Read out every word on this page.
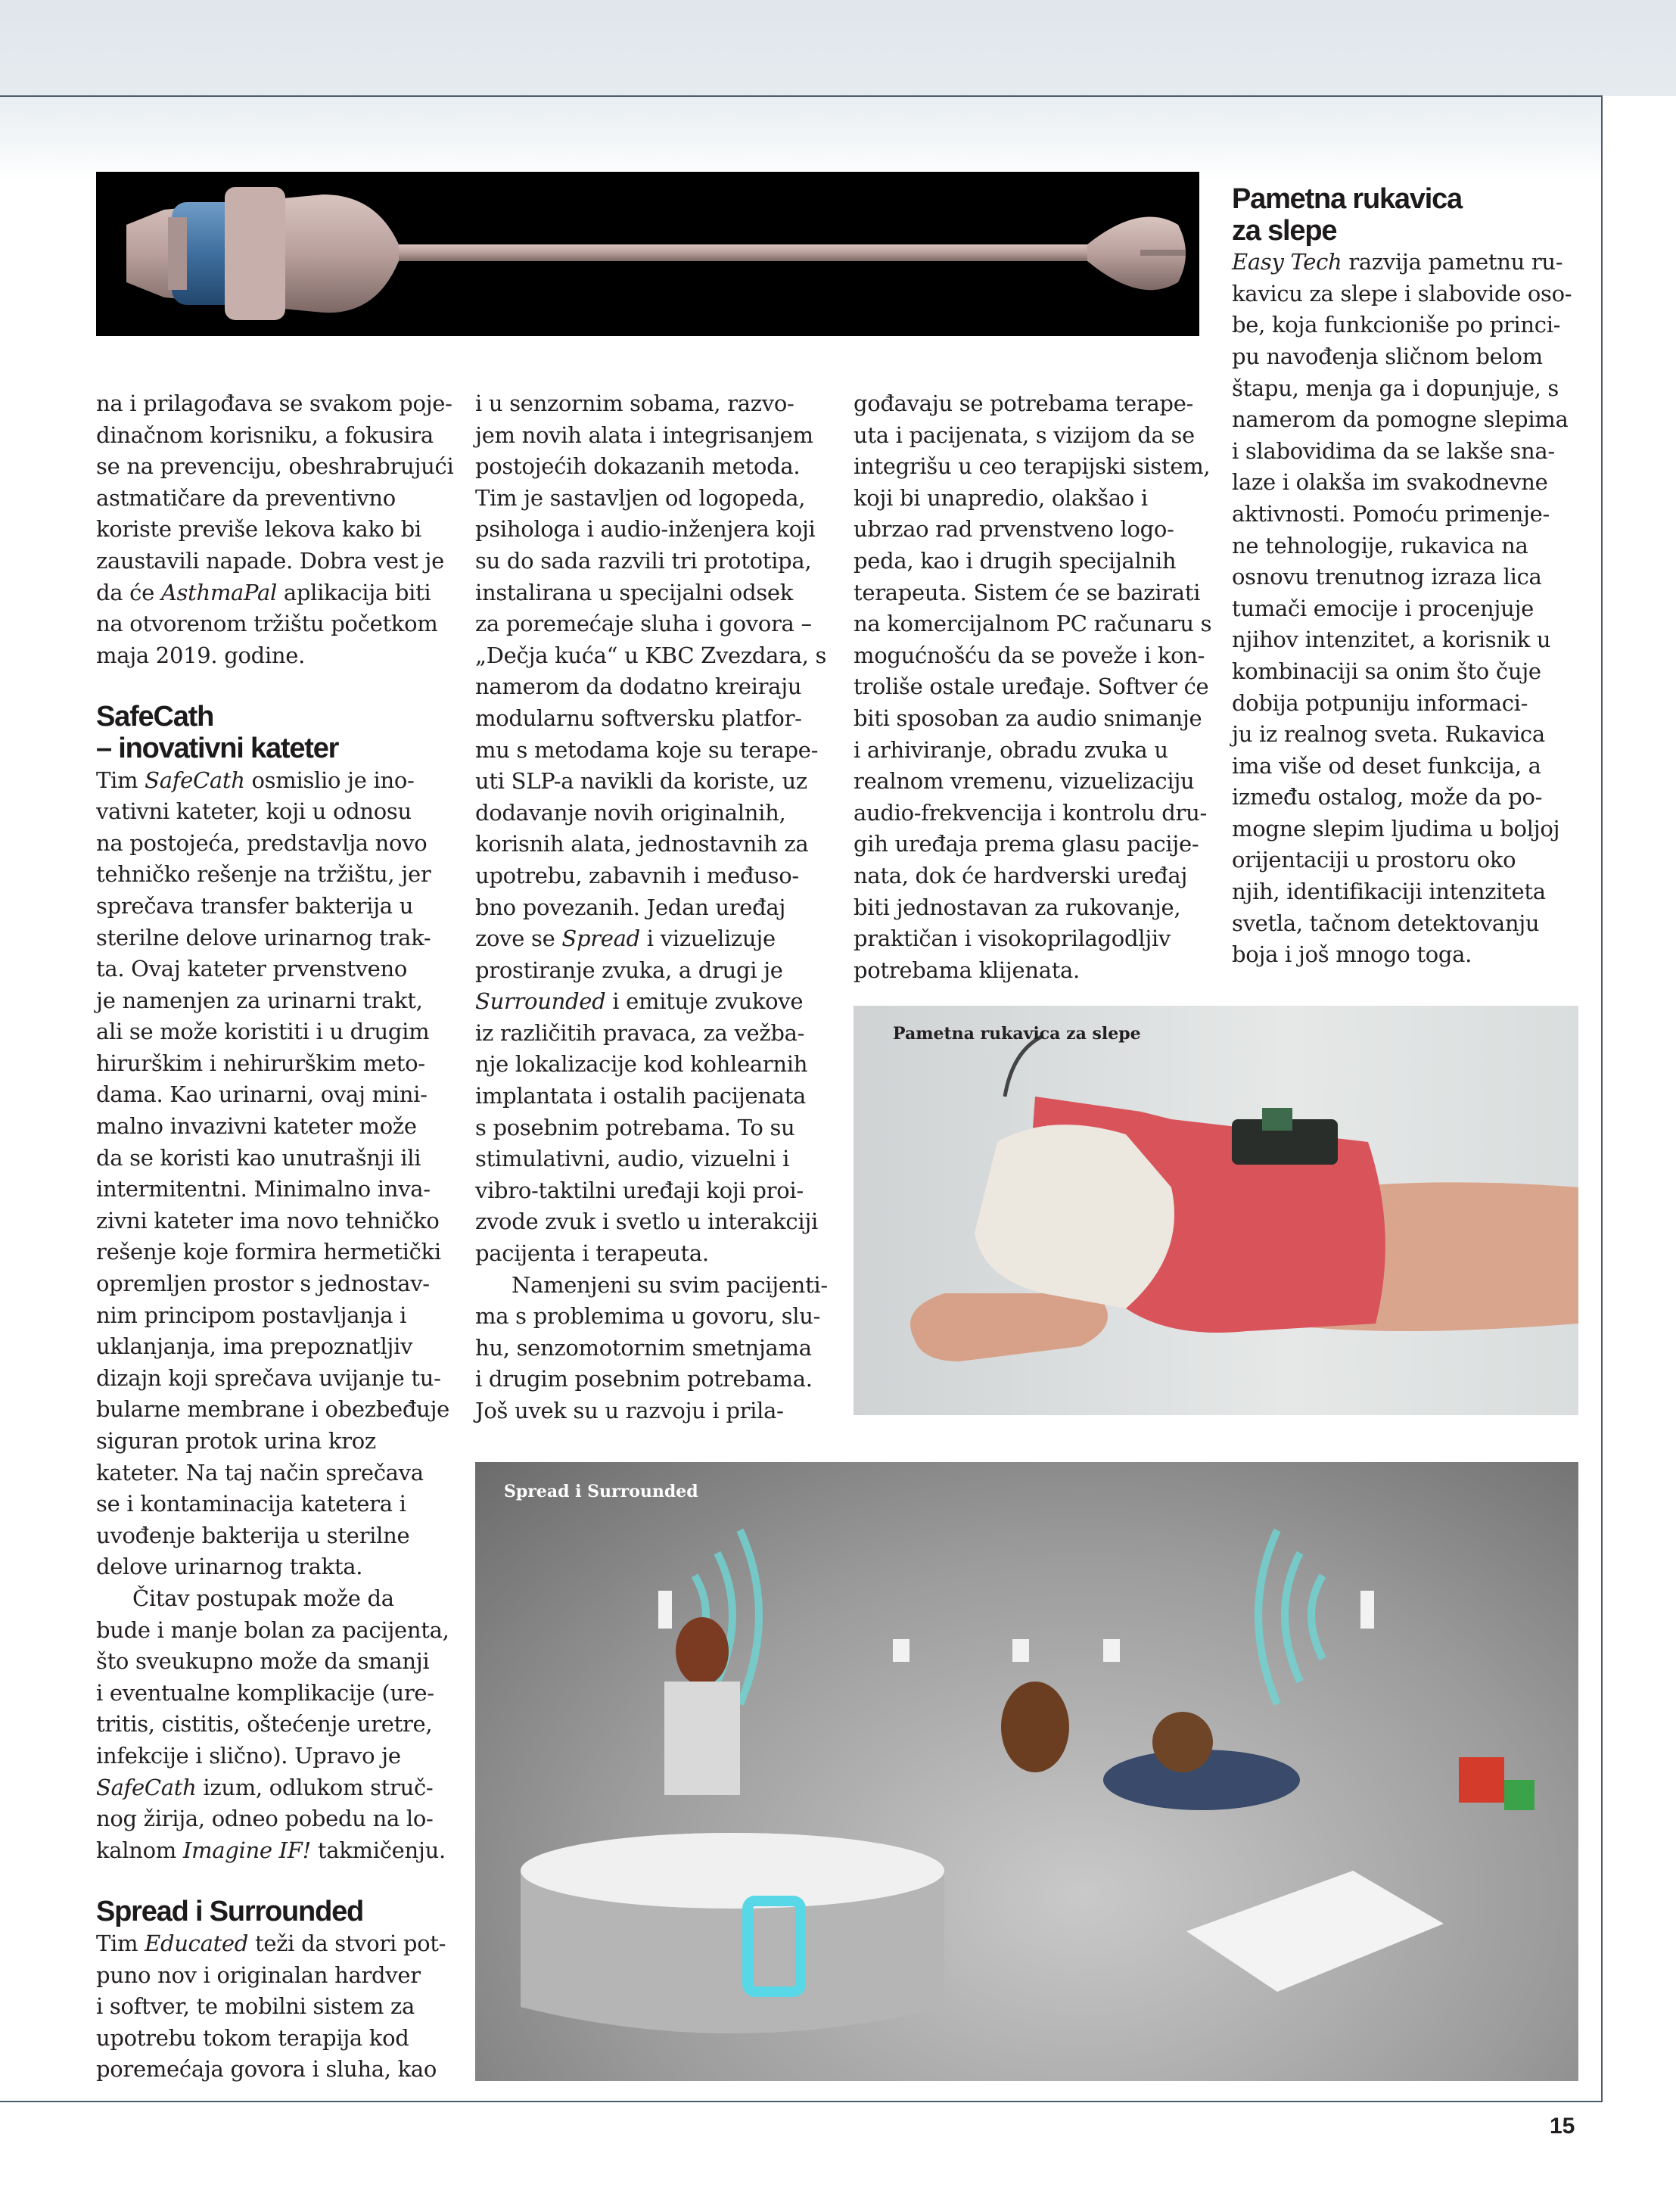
na i prilagođava se svakom poje-
dinačnom korisniku, a fokusira
se na prevenciju, obeshrabrujući
astmatičare da preventivno
koriste previše lekova kako bi
zaustavili napade. Dobra vest je
da će AsthmaPal aplikacija biti
na otvorenom tržištu početkom
maja 2019. godine.
SafeCath
– inovativni kateter
Tim SafeCath osmislio je ino-
vativni kateter, koji u odnosu
na postojeća, predstavlja novo
tehničko rešenje na tržištu, jer
sprečava transfer bakterija u
sterilne delove urinarnog trak-
ta. Ovaj kateter prvenstveno
je namenjen za urinarni trakt,
ali se može koristiti i u drugim
hirurškim i nehirurškim meto-
dama. Kao urinarni, ovaj mini-
malno invazivni kateter može
da se koristi kao unutrašnji ili
intermitentni. Minimalno inva-
zivni kateter ima novo tehničko
rešenje koje formira hermetički
opremljen prostor s jednostav-
nim principom postavljanja i
uklanjanja, ima prepoznatljiv
dizajn koji sprečava uvijanje tu-
bularne membrane i obezbeđuje
siguran protok urina kroz
kateter. Na taj način sprečava
se i kontaminacija katetera i
uvođenje bakterija u sterilne
delove urinarnog trakta.
Čitav postupak može da
bude i manje bolan za pacijenta,
što sveukupno može da smanji
i eventualne komplikacije (ure-
tritis, cistitis, oštećenje uretre,
infekcije i slično). Upravo je
SafeCath izum, odlukom struč-
nog žirija, odneo pobedu na lo-
kalnom Imagine IF! takmičenju.
Spread i Surrounded
Tim Educated teži da stvori pot-
puno nov i originalan hardver
i softver, te mobilni sistem za
upotrebu tokom terapija kod
poremećaja govora i sluha, kao
i u senzornim sobama, razvo-
jem novih alata i integrisanjem
postojećih dokazanih metoda.
Tim je sastavljen od logopeda,
psihologa i audio-inženjera koji
su do sada razvili tri prototipa,
instalirana u specijalni odsek
za poremećaje sluha i govora –
„Dečja kuća“ u KBC Zvezdara, s
namerom da dodatno kreiraju
modularnu softversku platfor-
mu s metodama koje su terape-
uti SLP-a navikli da koriste, uz
dodavanje novih originalnih,
korisnih alata, jednostavnih za
upotrebu, zabavnih i međuso-
bno povezanih. Jedan uređaj
zove se Spread i vizuelizuje
prostiranje zvuka, a drugi je
Surrounded i emituje zvukove
iz različitih pravaca, za vežba-
nje lokalizacije kod kohlearnih
implantata i ostalih pacijenata
s posebnim potrebama. To su
stimulativni, audio, vizuelni i
vibro-taktilni uređaji koji proi-
zvode zvuk i svetlo u interakciji
pacijenta i terapeuta.
Namenjeni su svim pacijenti-
ma s problemima u govoru, slu-
hu, senzomotornim smetnjama
i drugim posebnim potrebama.
Još uvek su u razvoju i prila-
gođavaju se potrebama terape-
uta i pacijenata, s vizijom da se
integrišu u ceo terapijski sistem,
koji bi unapredio, olakšao i
ubrzao rad prvenstveno logo-
peda, kao i drugih specijalnih
terapeuta. Sistem će se bazirati
na komercijalnom PC računaru s
mogućnošću da se poveže i kon-
troliše ostale uređaje. Softver će
biti sposoban za audio snimanje
i arhiviranje, obradu zvuka u
realnom vremenu, vizuelizaciju
audio-frekvencija i kontrolu dru-
gih uređaja prema glasu pacije-
nata, dok će hardverski uređaj
biti jednostavan za rukovanje,
praktičan i visokoprilagodljiv
potrebama klijenata.
Pametna rukavica
za slepe
Easy Tech razvija pametnu ru-
kavicu za slepe i slabovide oso-
be, koja funkcioniše po princi-
pu navođenja sličnom belom
štapu, menja ga i dopunjuje, s
namerom da pomogne slepima
i slabovidima da se lakše sna-
laze i olakša im svakodnevne
aktivnosti. Pomoću primenje-
ne tehnologije, rukavica na
osnovu trenutnog izraza lica
tumači emocije i procenjuje
njihov intenzitet, a korisnik u
kombinaciji sa onim što čuje
dobija potpuniju informaci-
ju iz realnog sveta. Rukavica
ima više od deset funkcija, a
između ostalog, može da po-
mogne slepim ljudima u boljoj
orijentaciji u prostoru oko
njih, identifikaciji intenziteta
svetla, tačnom detektovanju
boja i još mnogo toga.
Pametna rukavica za slepe
Spread i Surrounded
15
